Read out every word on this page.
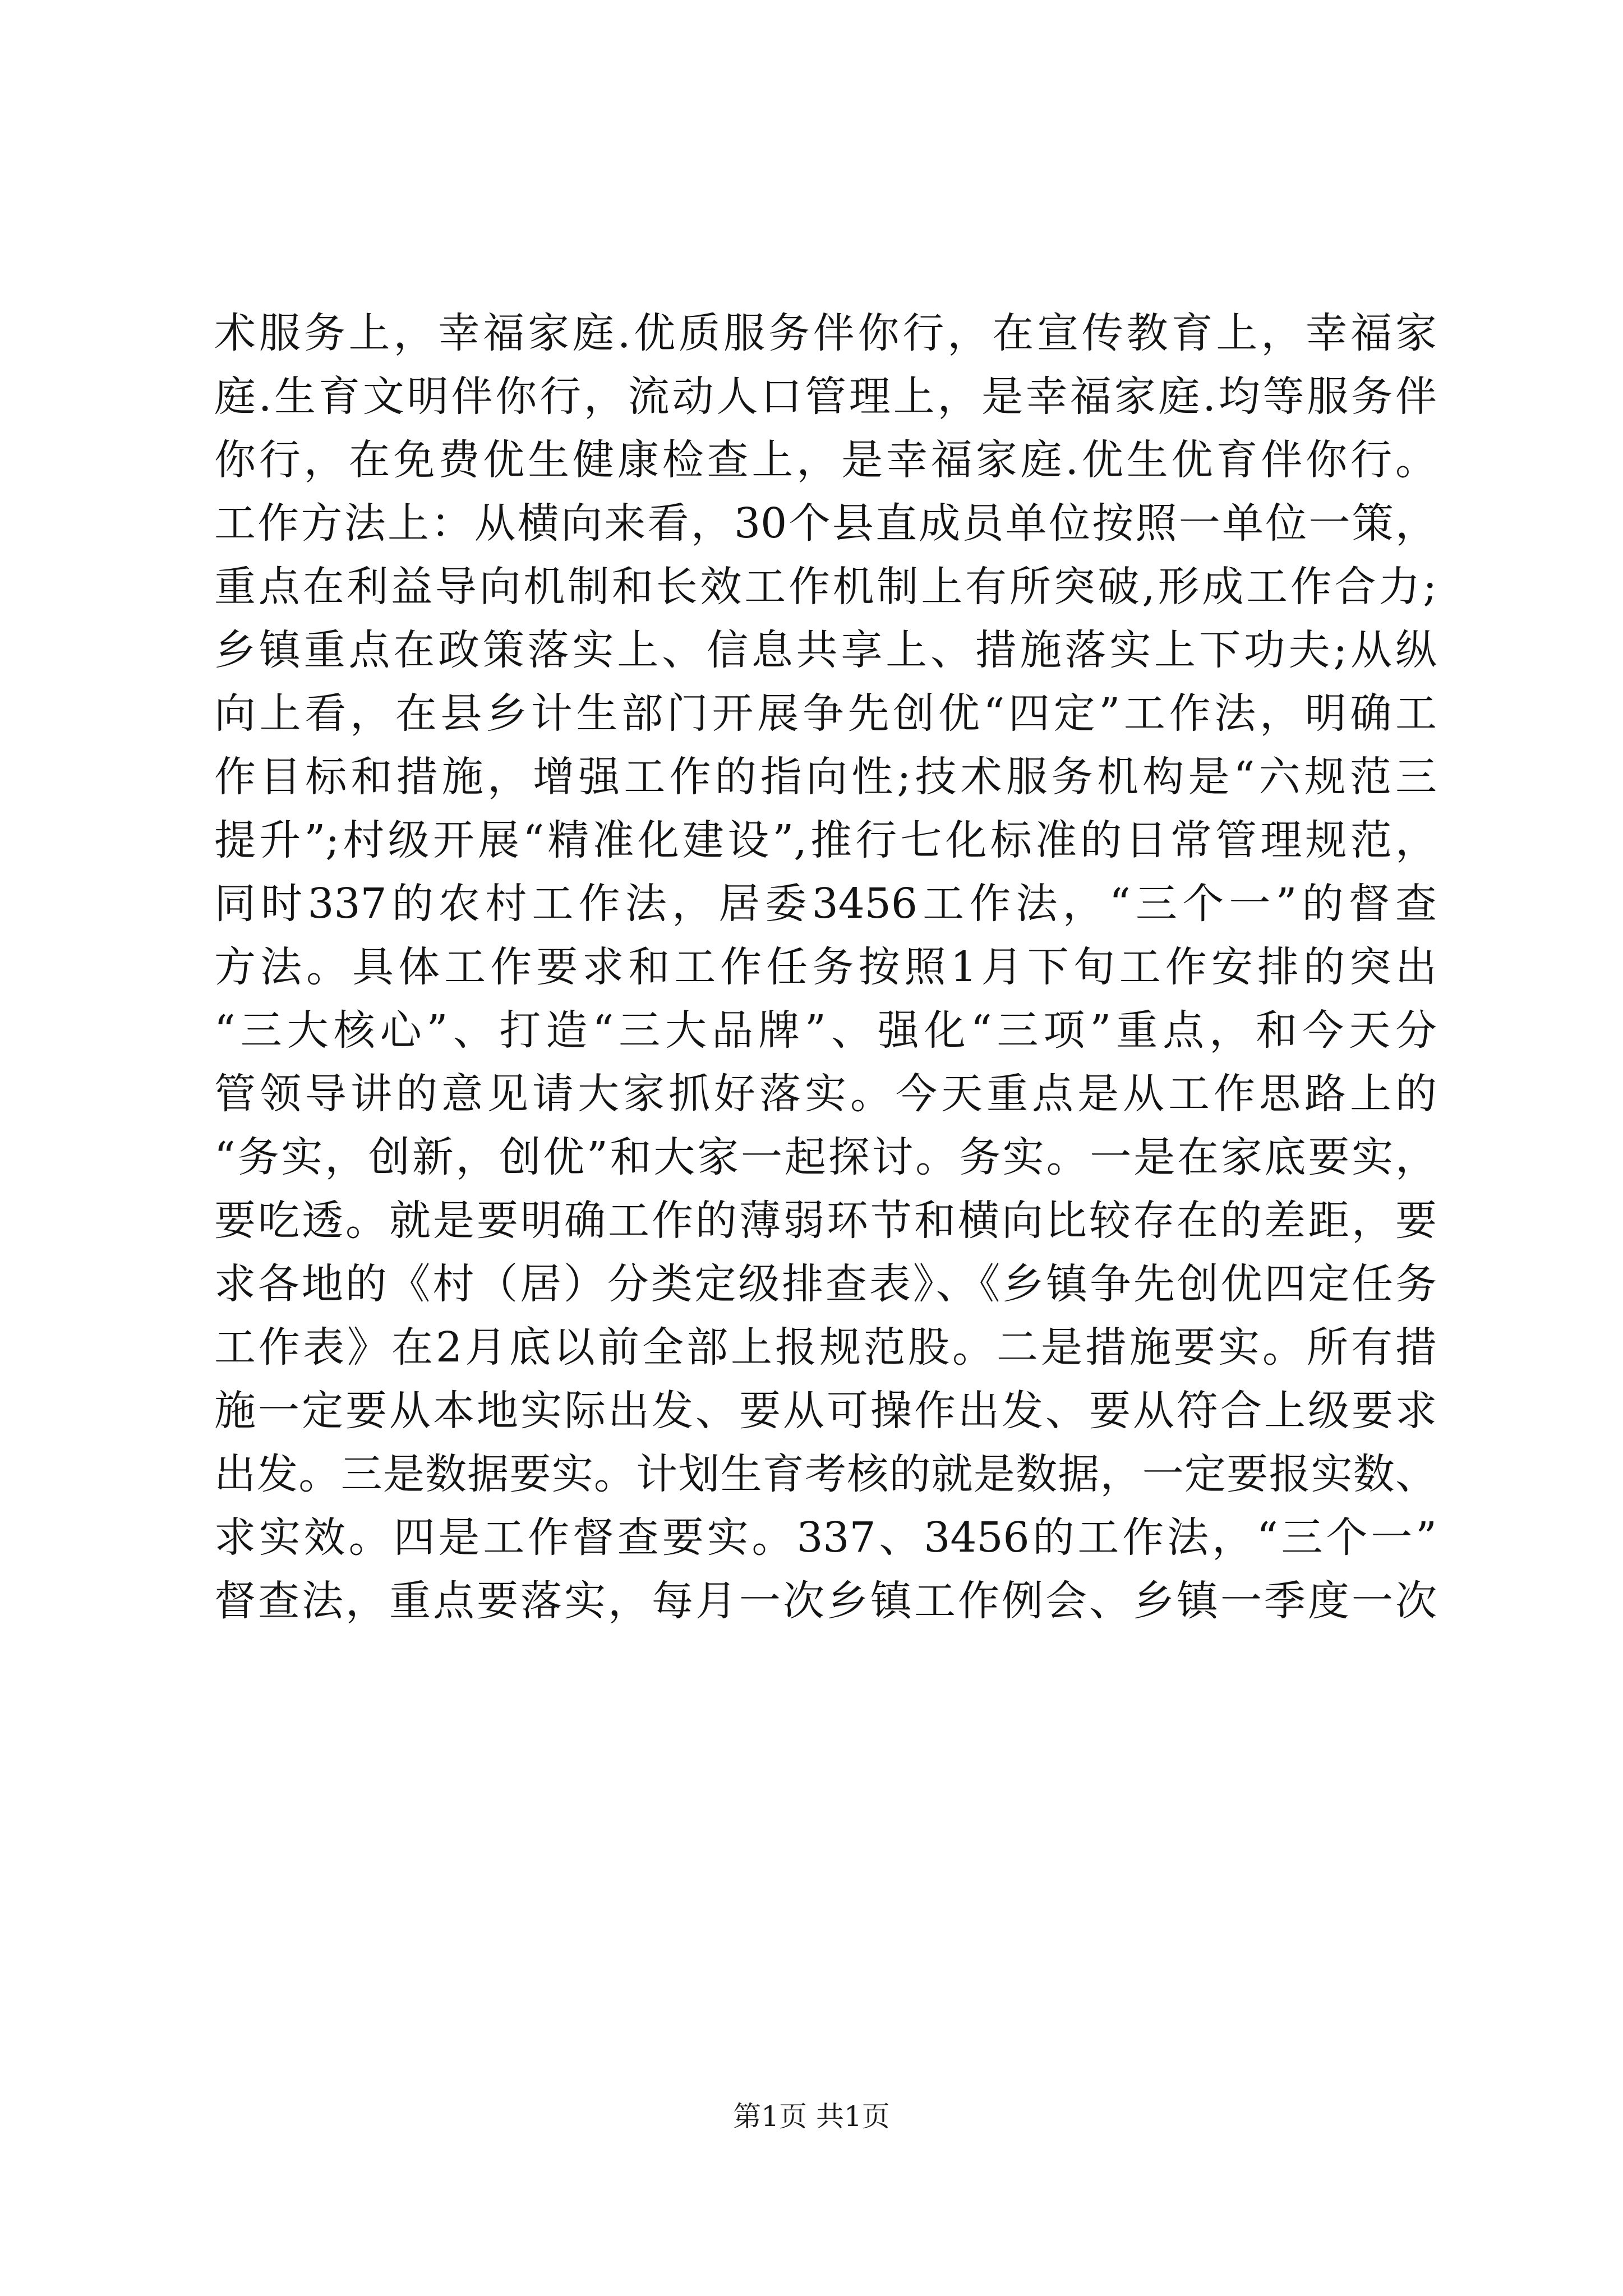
术服务上，幸福家庭.优质服务伴你行，在宣传教育上，幸福家
庭.生育文明伴你行，流动人口管理上，是幸福家庭.均等服务伴
你行，在免费优生健康检查上，是幸福家庭.优生优育伴你行。
工作方法上：从横向来看，30个县直成员单位按照一单位一策，
重点在利益导向机制和长效工作机制上有所突破,形成工作合力;
乡镇重点在政策落实上、信息共享上、措施落实上下功夫;从纵
向上看，在县乡计生部门开展争先创优“四定”工作法，明确工
作目标和措施，增强工作的指向性;技术服务机构是“六规范三
提升”;村级开展“精准化建设”,推行七化标准的日常管理规范，
同时337的农村工作法，居委3456工作法，“三个一”的督查
方法。具体工作要求和工作任务按照1月下旬工作安排的突出
“三大核心”、打造“三大品牌”、强化“三项”重点，和今天分
管领导讲的意见请大家抓好落实。今天重点是从工作思路上的
“务实，创新，创优”和大家一起探讨。务实。一是在家底要实，
要吃透。就是要明确工作的薄弱环节和横向比较存在的差距，要
求各地的《村（居）分类定级排查表》、《乡镇争先创优四定任务
工作表》在2月底以前全部上报规范股。二是措施要实。所有措
施一定要从本地实际出发、要从可操作出发、要从符合上级要求
出发。三是数据要实。计划生育考核的就是数据，一定要报实数、
求实效。四是工作督查要实。337、3456的工作法，“三个一”
督查法，重点要落实，每月一次乡镇工作例会、乡镇一季度一次
第1页 共1页
